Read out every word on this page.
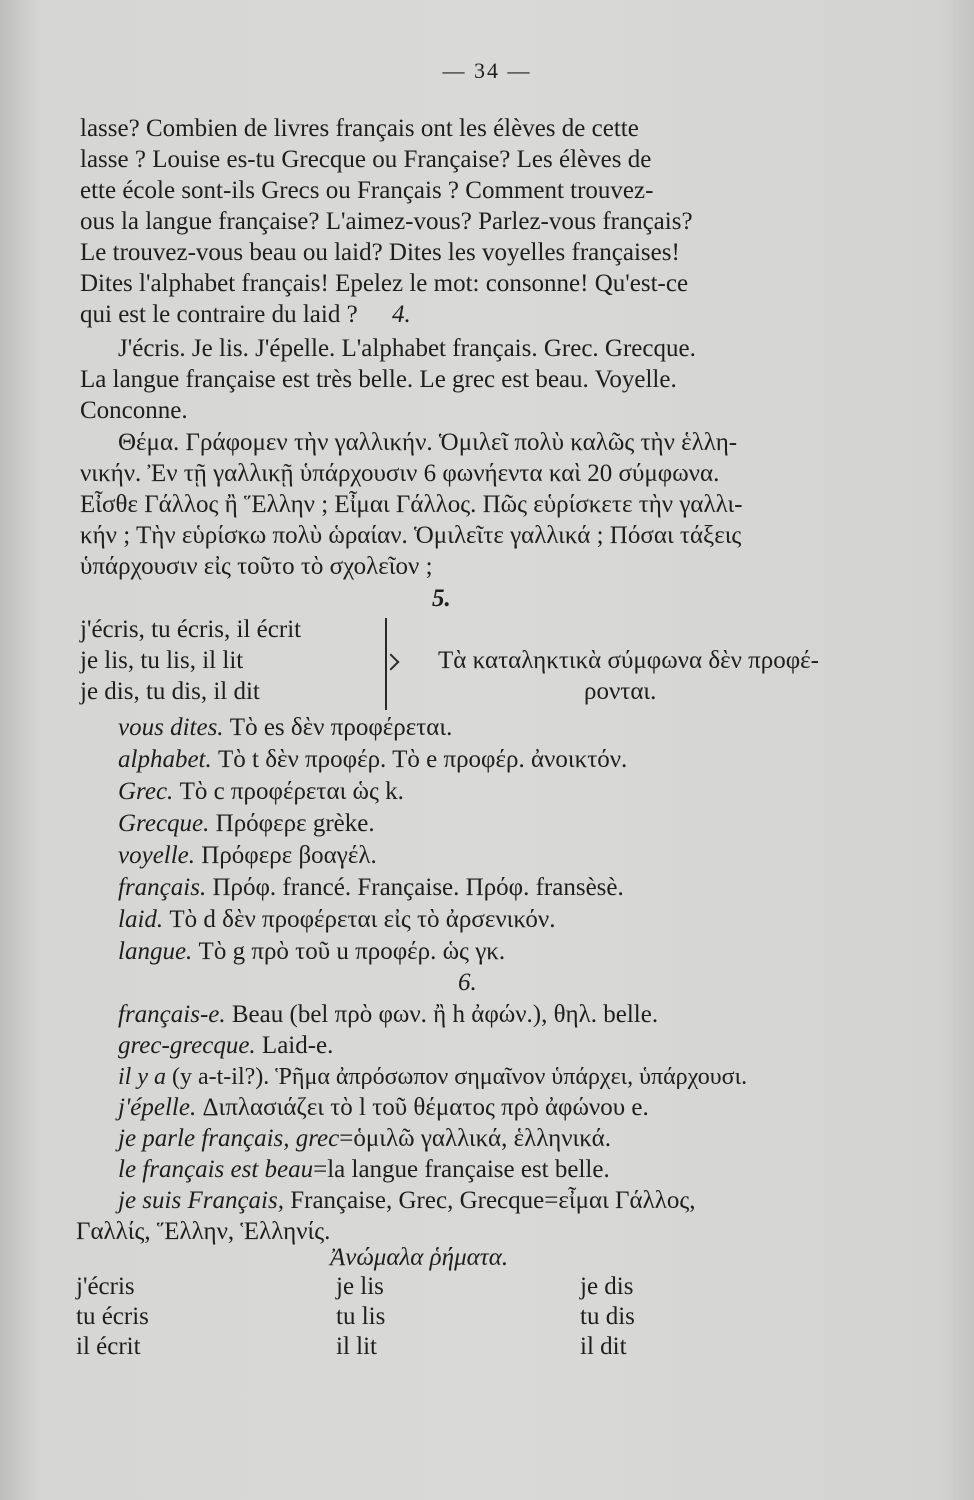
— 34 —
lasse? Combien de livres français ont les élèves de cette
lasse ? Louise es-tu Grecque ou Française? Les élèves de
ette école sont-ils Grecs ou Français ? Comment trouvez-
ous la langue française? L'aimez-vous? Parlez-vous français?
Le trouvez-vous beau ou laid? Dites les voyelles françaises!
Dites l'alphabet français! Epelez le mot: consonne! Qu'est-ce
qui est le contraire du laid ? 4.
J'écris. Je lis. J'épelle. L'alphabet français. Grec. Grecque.
La langue française est très belle. Le grec est beau. Voyelle.
Conconne.
Θέμα. Γράφομεν τὴν γαλλικήν. Ὁμιλεῖ πολὺ καλῶς τὴν ἑλλη-
νικήν. Ἐν τῇ γαλλικῇ ὑπάρχουσιν 6 φωνήεντα καὶ 20 σύμφωνα.
Εἶσθε Γάλλος ἢ Ἕλλην ; Εἶμαι Γάλλος. Πῶς εὑρίσκετε τὴν γαλλι-
κήν ; Τὴν εὑρίσκω πολὺ ὡραίαν. Ὁμιλεῖτε γαλλικά ; Πόσαι τάξεις
ὑπάρχουσιν εἰς τοῦτο τὸ σχολεῖον ;
5.
j'écris, tu écris, il écrit
je lis, tu lis, il lit
je dis, tu dis, il dit
Τὰ καταληκτικὰ σύμφωνα δὲν προφέ-
ρονται.
vous dites. Τὸ es δὲν προφέρεται.
alphabet. Τὸ t δὲν προφέρ. Τὸ e προφέρ. ἀνοικτόν.
Grec. Τὸ c προφέρεται ὡς k.
Grecque. Πρόφερε grèke.
voyelle. Πρόφερε βοαγέλ.
français. Πρόφ. francé. Française. Πρόφ. fransèsè.
laid. Τὸ d δὲν προφέρεται εἰς τὸ ἀρσενικόν.
langue. Τὸ g πρὸ τοῦ u προφέρ. ὡς γκ.
6.
français-e. Beau (bel πρὸ φων. ἢ h ἀφών.), θηλ. belle.
grec-grecque. Laid-e.
il y a (y a-t-il?). Ῥῆμα ἀπρόσωπον σημαῖνον ὑπάρχει, ὑπάρχουσι.
j'épelle. Διπλασιάζει τὸ l τοῦ θέματος πρὸ ἀφώνου e.
je parle français, grec=ὁμιλῶ γαλλικά, ἑλληνικά.
le français est beau=la langue française est belle.
je suis Français, Française, Grec, Grecque=εἶμαι Γάλλος,
Γαλλίς, Ἕλλην, Ἑλληνίς.
Ἀνώμαλα ῥήματα.
j'écris
tu écris
il écrit
je lis
tu lis
il lit
je dis
tu dis
il dit
